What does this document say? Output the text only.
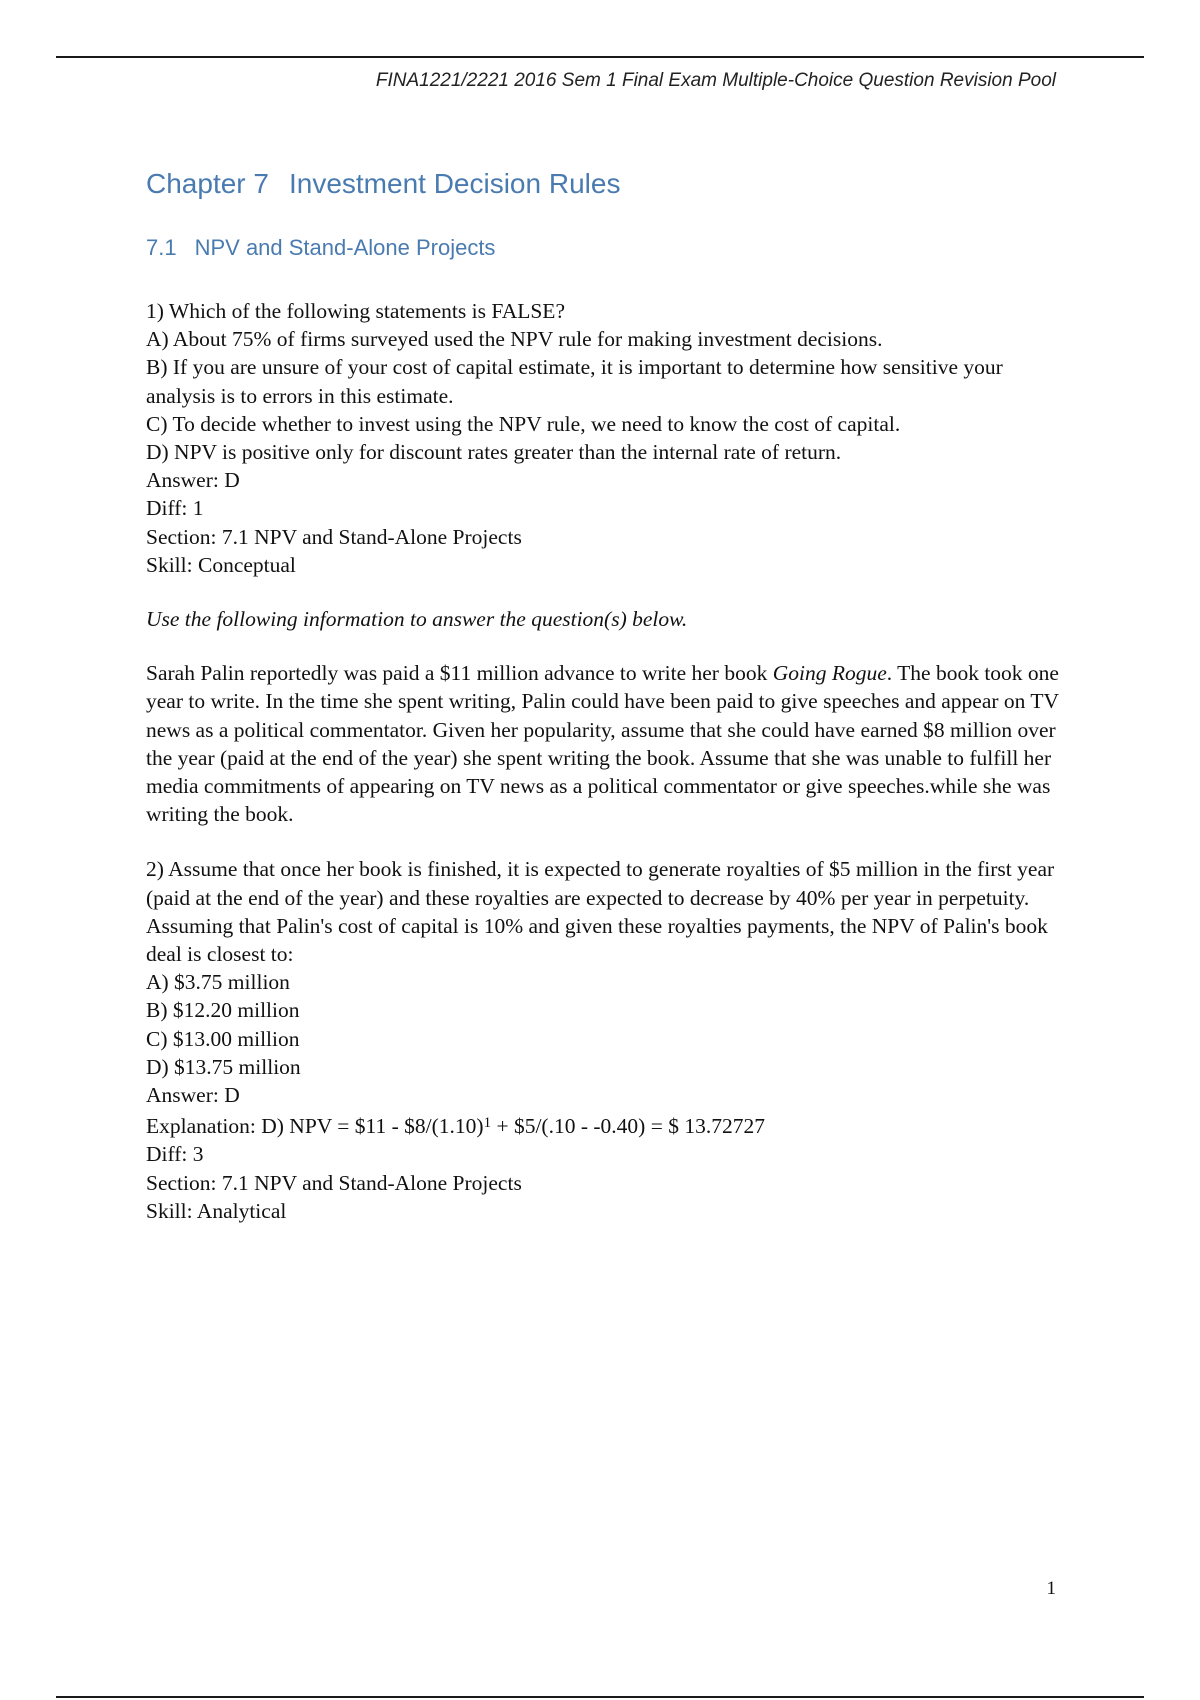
FINA1221/2221 2016 Sem 1 Final Exam Multiple-Choice Question Revision Pool
Chapter 7 Investment Decision Rules
7.1 NPV and Stand-Alone Projects
1) Which of the following statements is FALSE?
A) About 75% of firms surveyed used the NPV rule for making investment decisions.
B) If you are unsure of your cost of capital estimate, it is important to determine how sensitive your analysis is to errors in this estimate.
C) To decide whether to invest using the NPV rule, we need to know the cost of capital.
D) NPV is positive only for discount rates greater than the internal rate of return.
Answer: D
Diff: 1
Section: 7.1 NPV and Stand-Alone Projects
Skill: Conceptual
Use the following information to answer the question(s) below.
Sarah Palin reportedly was paid a $11 million advance to write her book Going Rogue. The book took one year to write. In the time she spent writing, Palin could have been paid to give speeches and appear on TV news as a political commentator. Given her popularity, assume that she could have earned $8 million over the year (paid at the end of the year) she spent writing the book. Assume that she was unable to fulfill her media commitments of appearing on TV news as a political commentator or give speeches.while she was writing the book.
2) Assume that once her book is finished, it is expected to generate royalties of $5 million in the first year (paid at the end of the year) and these royalties are expected to decrease by 40% per year in perpetuity. Assuming that Palin's cost of capital is 10% and given these royalties payments, the NPV of Palin's book deal is closest to:
A) $3.75 million
B) $12.20 million
C) $13.00 million
D) $13.75 million
Answer: D
Explanation: D) NPV = $11 - $\$8/(1.10)^1$ + $5/(.10 - -0.40) = $ 13.72727
Diff: 3
Section: 7.1 NPV and Stand-Alone Projects
Skill: Analytical
1
